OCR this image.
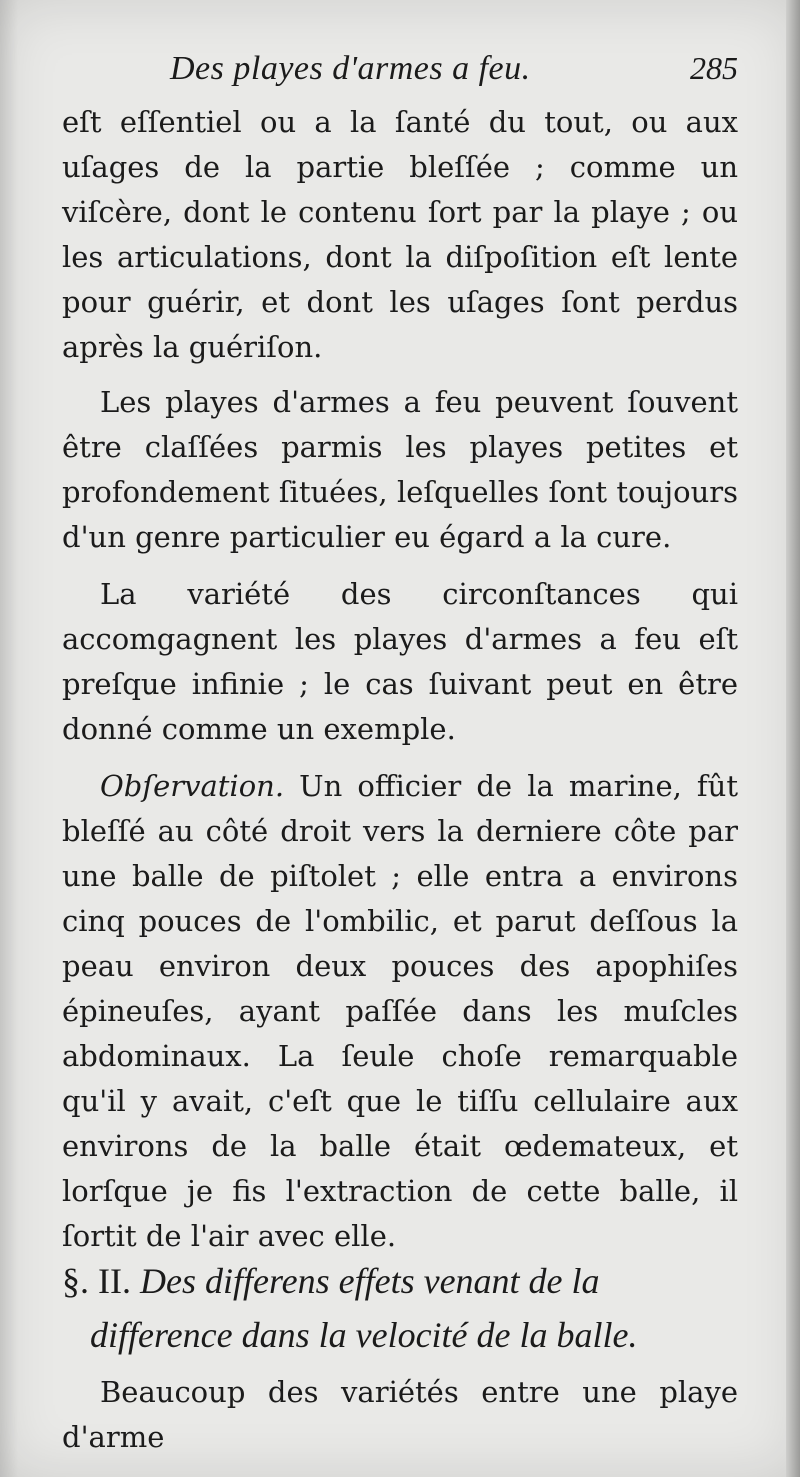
Des playes d'armes a feu.	285

eſt eſſentiel ou a la ſanté du tout, ou aux uſages de la partie bleſſée ; comme un viſcère, dont le contenu ſort par la playe ; ou les articulations, dont la diſpoſition eſt lente pour guérir, et dont les uſages ſont perdus après la guériſon.

Les playes d'armes a feu peuvent ſouvent être claſſées parmis les playes petites et profondement ſituées, leſquelles ſont toujours d'un genre particulier eu égard a la cure.

La variété des circonſtances qui accomgagnent les playes d'armes a feu eſt preſque infinie ; le cas ſuivant peut en être donné comme un exemple.

Obſervation. Un officier de la marine, fût bleſſé au côté droit vers la derniere côte par une balle de piſtolet ; elle entra a environs cinq pouces de l'ombilic, et parut deſſous la peau environ deux pouces des apophiſes épineuſes, ayant paſſée dans les muſcles abdominaux. La ſeule choſe remarquable qu'il y avait, c'eſt que le tiſſu cellulaire aux environs de la balle était œdemateux, et lorſque je fis l'extraction de cette balle, il ſortit de l'air avec elle.

§. II. Des differens effets venant de la
difference dans la velocité de la balle.

Beaucoup des variétés entre une playe d'arme
